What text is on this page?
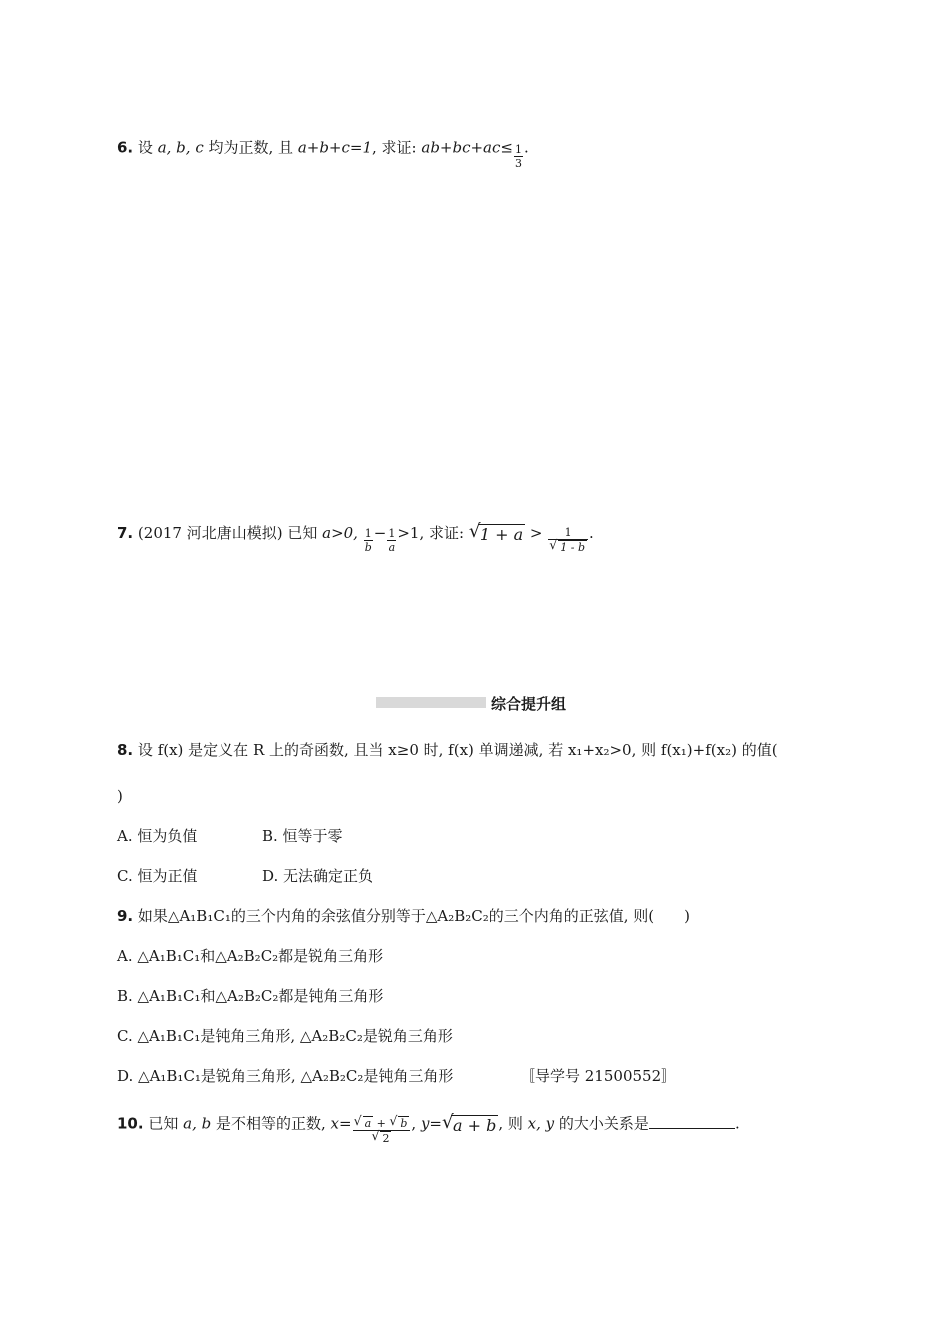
6. 设 a, b, c 均为正数, 且 a+b+c=1, 求证: $ab+bc+ac\le \frac{1}{3}$ .
7. (2017 河北唐山模拟) 已知 a>0, $\frac{1}{b} - \frac{1}{a} >1$, 求证: √ 1 + a > 1
√ 1 - b .
综合提升组
8. 设 f(x) 是定义在 R 上的奇函数, 且当 x≥0 时, f(x) 单调递减, 若 x₁+x₂>0, 则 f(x₁)+f(x₂) 的值(
)
A. 恒为负值	B. 恒等于零
C. 恒为正值	D. 无法确定正负
9. 如果△A₁B₁C₁的三个内角的余弦值分别等于△A₂B₂C₂的三个内角的正弦值, 则(　　)
A. △A₁B₁C₁和△A₂B₂C₂都是锐角三角形
B. △A₁B₁C₁和△A₂B₂C₂都是钝角三角形
C. △A₁B₁C₁是钝角三角形, △A₂B₂C₂是锐角三角形
D. △A₁B₁C₁是锐角三角形, △A₂B₂C₂是钝角三角形	〚导学号 21500552〛
10. 已知 a, b 是不相等的正数, x= √ a + √ b
√ 2 , y= √ a + b , 则 x, y 的大小关系是	.
